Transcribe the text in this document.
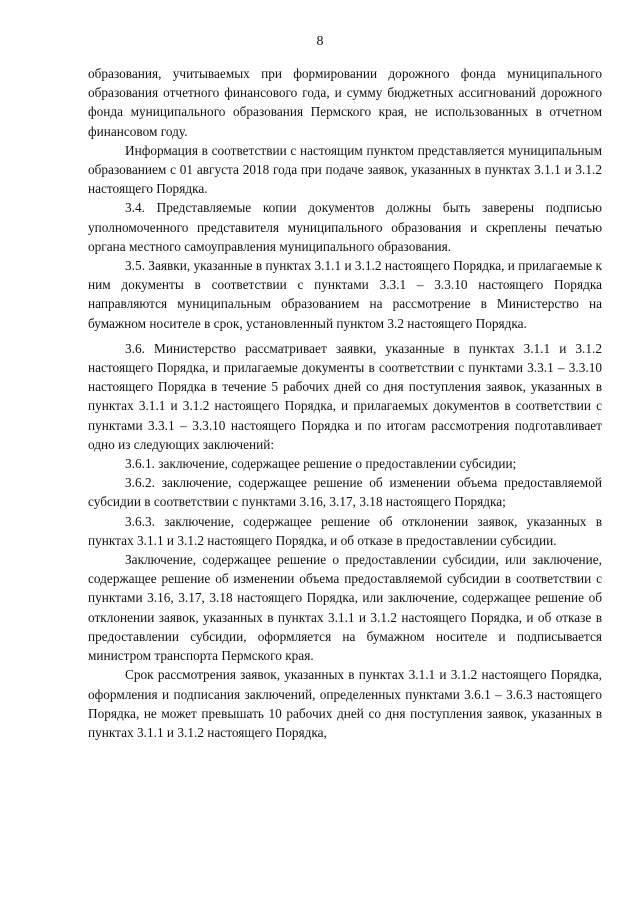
8

образования, учитываемых при формировании дорожного фонда муниципального образования отчетного финансового года, и сумму бюджетных ассигнований дорожного фонда муниципального образования Пермского края, не использованных в отчетном финансовом году.

Информация в соответствии с настоящим пунктом представляется муниципальным образованием с 01 августа 2018 года при подаче заявок, указанных в пунктах 3.1.1 и 3.1.2 настоящего Порядка.

3.4. Представляемые копии документов должны быть заверены подписью уполномоченного представителя муниципального образования и скреплены печатью органа местного самоуправления муниципального образования.

3.5. Заявки, указанные в пунктах 3.1.1 и 3.1.2 настоящего Порядка, и прилагаемые к ним документы в соответствии с пунктами 3.3.1 – 3.3.10 настоящего Порядка направляются муниципальным образованием на рассмотрение в Министерство на бумажном носителе в срок, установленный пунктом 3.2 настоящего Порядка.

3.6. Министерство рассматривает заявки, указанные в пунктах 3.1.1 и 3.1.2 настоящего Порядка, и прилагаемые документы в соответствии с пунктами 3.3.1 – 3.3.10 настоящего Порядка в течение 5 рабочих дней со дня поступления заявок, указанных в пунктах 3.1.1 и 3.1.2 настоящего Порядка, и прилагаемых документов в соответствии с пунктами 3.3.1 – 3.3.10 настоящего Порядка и по итогам рассмотрения подготавливает одно из следующих заключений:

3.6.1. заключение, содержащее решение о предоставлении субсидии;

3.6.2. заключение, содержащее решение об изменении объема предоставляемой субсидии в соответствии с пунктами 3.16, 3.17, 3.18 настоящего Порядка;

3.6.3. заключение, содержащее решение об отклонении заявок, указанных в пунктах 3.1.1 и 3.1.2 настоящего Порядка, и об отказе в предоставлении субсидии.

Заключение, содержащее решение о предоставлении субсидии, или заключение, содержащее решение об изменении объема предоставляемой субсидии в соответствии с пунктами 3.16, 3.17, 3.18 настоящего Порядка, или заключение, содержащее решение об отклонении заявок, указанных в пунктах 3.1.1 и 3.1.2 настоящего Порядка, и об отказе в предоставлении субсидии, оформляется на бумажном носителе и подписывается министром транспорта Пермского края.

Срок рассмотрения заявок, указанных в пунктах 3.1.1 и 3.1.2 настоящего Порядка, оформления и подписания заключений, определенных пунктами 3.6.1 – 3.6.3 настоящего Порядка, не может превышать 10 рабочих дней со дня поступления заявок, указанных в пунктах 3.1.1 и 3.1.2 настоящего Порядка,
